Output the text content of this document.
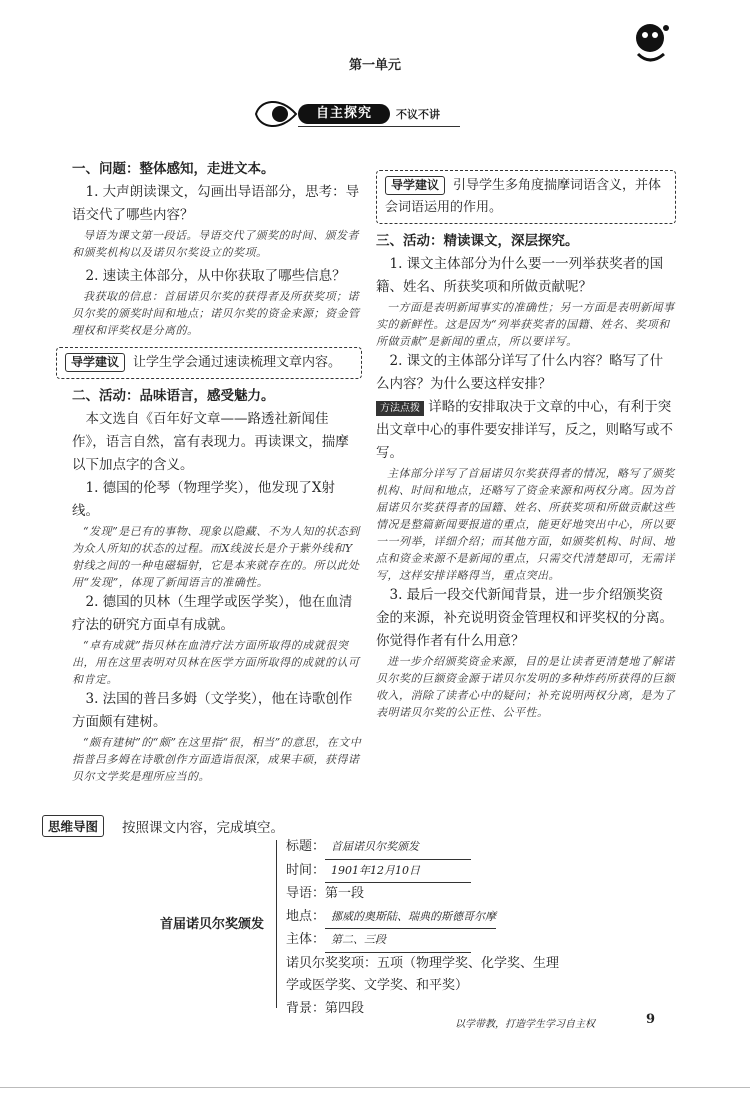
第一单元
自主探究	不议不讲

一、问题：整体感知，走进文本。

1. 大声朗读课文，勾画出导语部分，思考：导语交代了哪些内容？

导语为课文第一段话。导语交代了颁奖的时间、颁发者和颁奖机构以及诺贝尔奖设立的奖项。

2. 速读主体部分，从中你获取了哪些信息？

我获取的信息：首届诺贝尔奖的获得者及所获奖项；诺贝尔奖的颁奖时间和地点；诺贝尔奖的资金来源；资金管理权和评奖权是分离的。

导学建议 让学生学会通过速读梳理文章内容。

二、活动：品味语言，感受魅力。

本文选自《百年好文章——路透社新闻佳作》，语言自然，富有表现力。再读课文，揣摩以下加点字的含义。

1. 德国的伦琴（物理学奖），他发现了X射线。

“发现”是已有的事物、现象以隐藏、不为人知的状态到为众人所知的状态的过程。而X线波长是介于紫外线和Y射线之间的一种电磁辐射，它是本来就存在的。所以此处用“发现”，体现了新闻语言的准确性。

2. 德国的贝林（生理学或医学奖），他在血清疗法的研究方面卓有成就。

“卓有成就”指贝林在血清疗法方面所取得的成就很突出，用在这里表明对贝林在医学方面所取得的成就的认可和肯定。

3. 法国的普吕多姆（文学奖），他在诗歌创作方面颇有建树。

“颇有建树”的“颇”在这里指“很，相当”的意思，在文中指普吕多姆在诗歌创作方面造诣很深，成果丰硕，获得诺贝尔文学奖是理所应当的。

导学建议 引导学生多角度揣摩词语含义，并体会词语运用的作用。

三、活动：精读课文，深层探究。

1. 课文主体部分为什么要一一列举获奖者的国籍、姓名、所获奖项和所做贡献呢？

一方面是表明新闻事实的准确性；另一方面是表明新闻事实的新鲜性。这是因为“列举获奖者的国籍、姓名、奖项和所做贡献”是新闻的重点，所以要详写。

2. 课文的主体部分详写了什么内容？略写了什么内容？为什么要这样安排？

方法点拨 详略的安排取决于文章的中心，有利于突出文章中心的事件要安排详写，反之，则略写或不写。

主体部分详写了首届诺贝尔奖获得者的情况，略写了颁奖机构、时间和地点，还略写了资金来源和两权分离。因为首届诺贝尔奖获得者的国籍、姓名、所获奖项和所做贡献这些情况是整篇新闻要报道的重点，能更好地突出中心，所以要一一列举，详细介绍；而其他方面，如颁奖机构、时间、地点和资金来源不是新闻的重点，只需交代清楚即可，无需详写，这样安排详略得当，重点突出。

3. 最后一段交代新闻背景，进一步介绍颁奖资金的来源，补充说明资金管理权和评奖权的分离。你觉得作者有什么用意？

进一步介绍颁奖资金来源，目的是让读者更清楚地了解诺贝尔奖的巨额资金源于诺贝尔发明的多种炸药所获得的巨额收入，消除了读者心中的疑问；补充说明两权分离，是为了表明诺贝尔奖的公正性、公平性。

思维导图	按照课文内容，完成填空。
首届诺贝尔奖颁发
标题： 首届诺贝尔奖颁发
时间： 1901年12月10日
导语：第一段
地点： 挪威的奥斯陆、瑞典的斯德哥尔摩
主体： 第二、三段
诺贝尔奖奖项：五项（物理学奖、化学奖、生理学或医学奖、文学奖、和平奖）
背景：第四段
以学带教，打造学生学习自主权	9
